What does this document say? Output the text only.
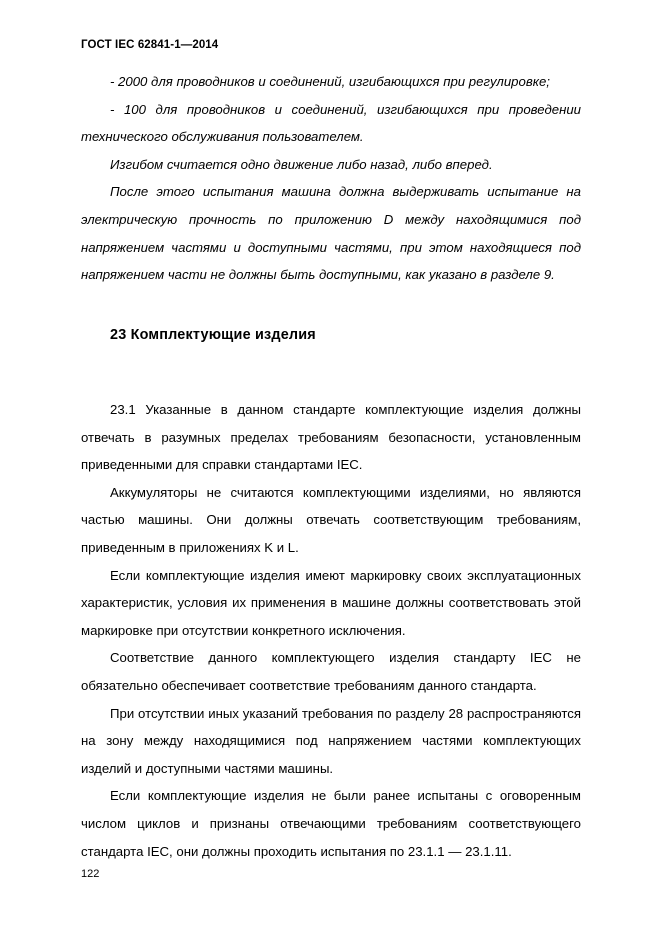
ГОСТ IEC 62841-1—2014

- 2000 для проводников и соединений, изгибающихся при регулировке;

- 100 для проводников и соединений, изгибающихся при проведении технического обслуживания пользователем.

Изгибом считается одно движение либо назад, либо вперед.

После этого испытания машина должна выдерживать испытание на электрическую прочность по приложению D между находящимися под напряжением частями и доступными частями, при этом находящиеся под напряжением части не должны быть доступными, как указано в разделе 9.

23 Комплектующие изделия

23.1 Указанные в данном стандарте комплектующие изделия должны отвечать в разумных пределах требованиям безопасности, установленным приведенными для справки стандартами IEC.

Аккумуляторы не считаются комплектующими изделиями, но являются частью машины. Они должны отвечать соответствующим требованиям, приведенным в приложениях K и L.

Если комплектующие изделия имеют маркировку своих эксплуатационных характеристик, условия их применения в машине должны соответствовать этой маркировке при отсутствии конкретного исключения.

Соответствие данного комплектующего изделия стандарту IEC не обязательно обеспечивает соответствие требованиям данного стандарта.

При отсутствии иных указаний требования по разделу 28 распространяются на зону между находящимися под напряжением частями комплектующих изделий и доступными частями машины.

Если комплектующие изделия не были ранее испытаны с оговоренным числом циклов и признаны отвечающими требованиям соответствующего стандарта IEC, они должны проходить испытания по 23.1.1 — 23.1.11.

122
